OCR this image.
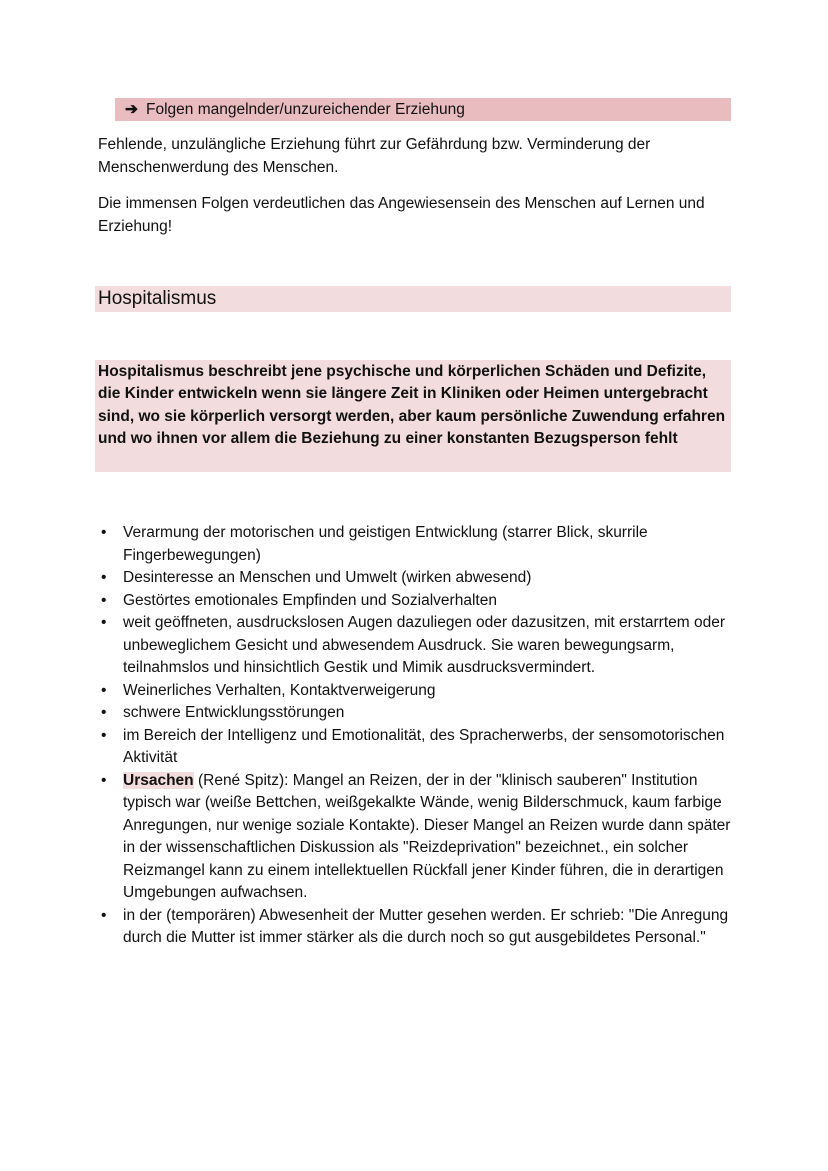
➔ Folgen mangelnder/unzureichender Erziehung
Fehlende, unzulängliche Erziehung führt zur Gefährdung bzw. Verminderung der Menschenwerdung des Menschen.
Die immensen Folgen verdeutlichen das Angewiesensein des Menschen auf Lernen und Erziehung!
Hospitalismus
Hospitalismus beschreibt jene psychische und körperlichen Schäden und Defizite, die Kinder entwickeln wenn sie längere Zeit in Kliniken oder Heimen untergebracht sind, wo sie körperlich versorgt werden, aber kaum persönliche Zuwendung erfahren und wo ihnen vor allem die Beziehung zu einer konstanten Bezugsperson fehlt
• Verarmung der motorischen und geistigen Entwicklung (starrer Blick, skurrile Fingerbewegungen)
• Desinteresse an Menschen und Umwelt (wirken abwesend)
• Gestörtes emotionales Empfinden und Sozialverhalten
• weit geöffneten, ausdruckslosen Augen dazuliegen oder dazusitzen, mit erstarrtem oder unbeweglichem Gesicht und abwesendem Ausdruck. Sie waren bewegungsarm, teilnahmslos und hinsichtlich Gestik und Mimik ausdrucksvermindert.
• Weinerliches Verhalten, Kontaktverweigerung
• schwere Entwicklungsstörungen
• im Bereich der Intelligenz und Emotionalität, des Spracherwerbs, der sensomotorischen Aktivität
• Ursachen (René Spitz): Mangel an Reizen, der in der "klinisch sauberen" Institution typisch war (weiße Bettchen, weißgekalkte Wände, wenig Bilderschmuck, kaum farbige Anregungen, nur wenige soziale Kontakte). Dieser Mangel an Reizen wurde dann später in der wissenschaftlichen Diskussion als "Reizdeprivation" bezeichnet., ein solcher Reizmangel kann zu einem intellektuellen Rückfall jener Kinder führen, die in derartigen Umgebungen aufwachsen.
• in der (temporären) Abwesenheit der Mutter gesehen werden. Er schrieb: "Die Anregung durch die Mutter ist immer stärker als die durch noch so gut ausgebildetes Personal."
